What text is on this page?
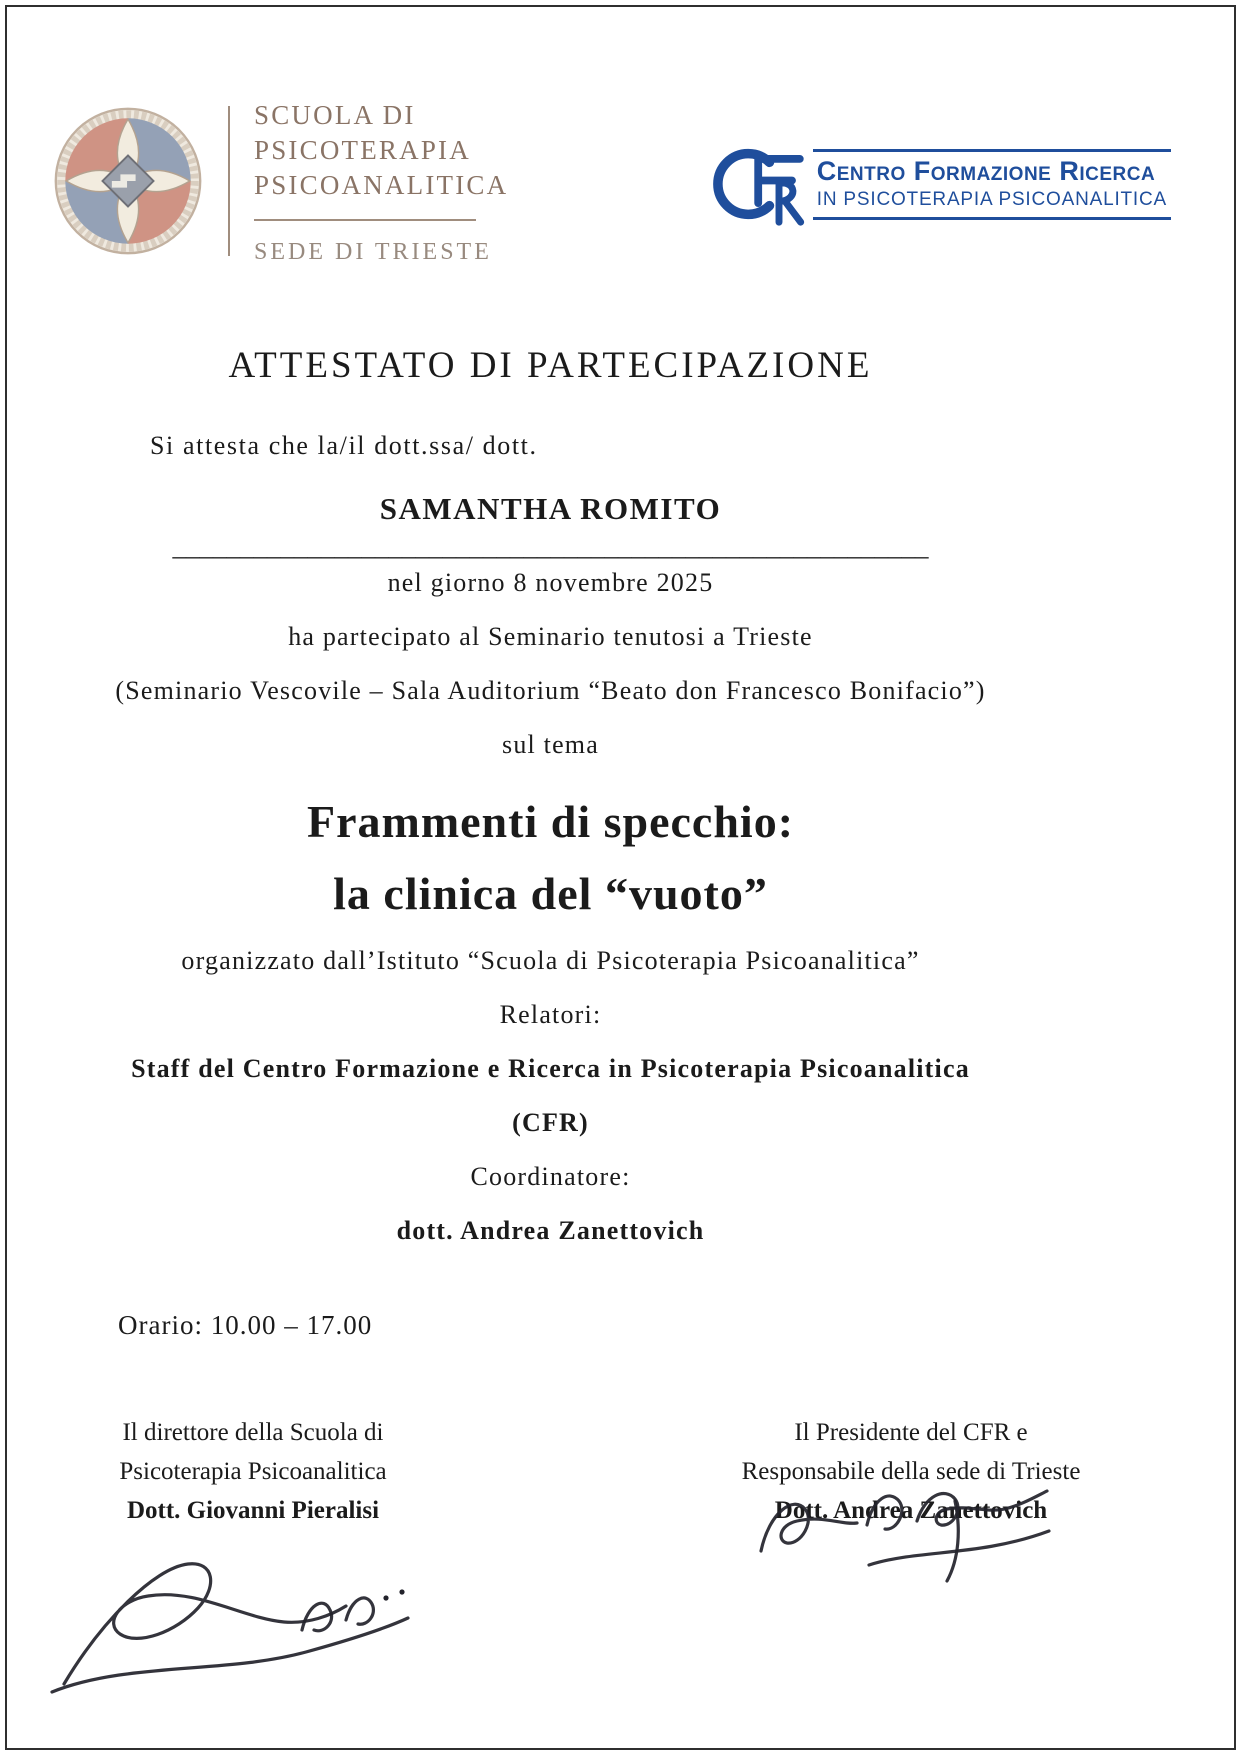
SCUOLA DI
PSICOTERAPIA
PSICOANALITICA
SEDE DI TRIESTE
Centro Formazione Ricerca
IN PSICOTERAPIA PSICOANALITICA
ATTESTATO DI PARTECIPAZIONE

Si attesta che la/il dott.ssa/ dott.

SAMANTHA ROMITO

________________________________________________________

nel giorno 8 novembre 2025

ha partecipato al Seminario tenutosi a Trieste

(Seminario Vescovile – Sala Auditorium “Beato don Francesco Bonifacio”)

sul tema

Frammenti di specchio:

la clinica del “vuoto”

organizzato dall’Istituto “Scuola di Psicoterapia Psicoanalitica”

Relatori:

Staff del Centro Formazione e Ricerca in Psicoterapia Psicoanalitica

(CFR)

Coordinatore:

dott. Andrea Zanettovich

Orario: 10.00 – 17.00

Il direttore della Scuola di
Psicoterapia Psicoanalitica
Dott. Giovanni Pieralisi
Il Presidente del CFR e
Responsabile della sede di Trieste
Dott. Andrea Zanettovich
